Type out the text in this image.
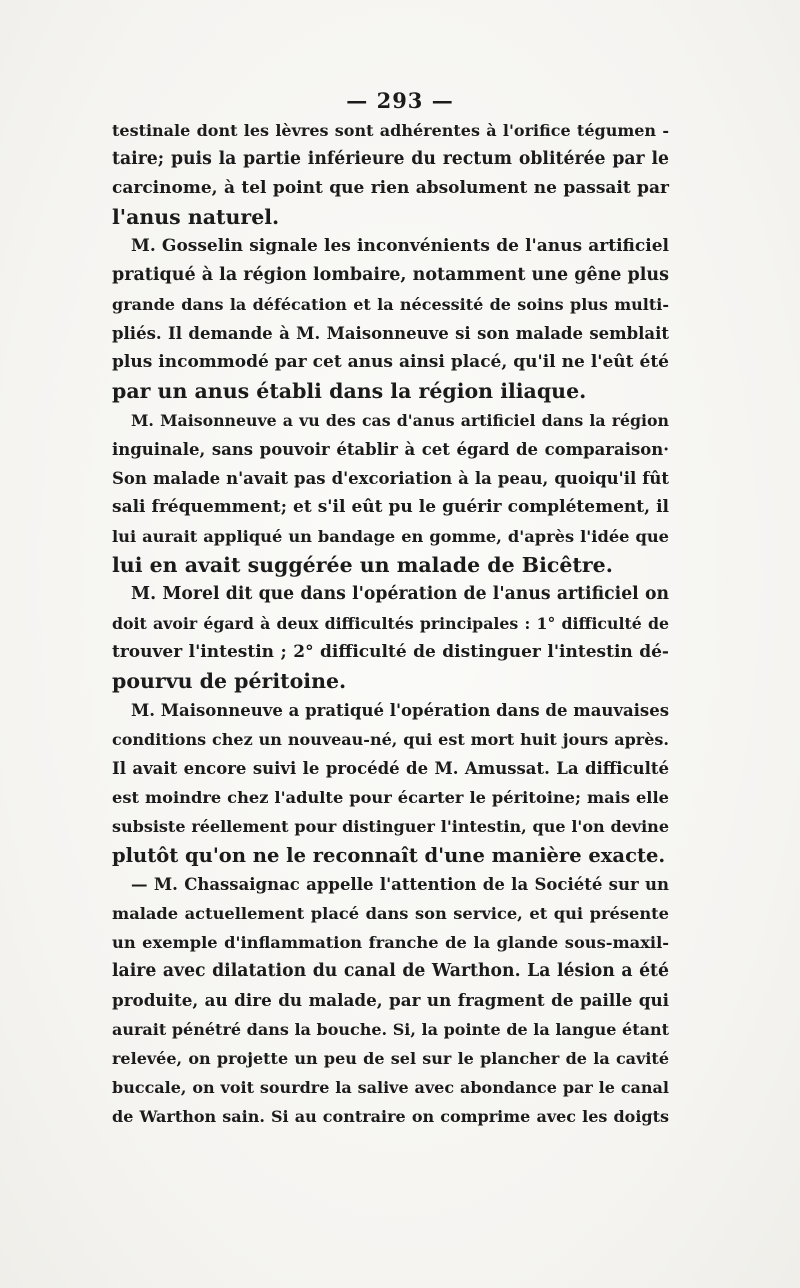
— 293 —
testinale dont les lèvres sont adhérentes à l'orifice tégumen -
taire; puis la partie inférieure du rectum oblitérée par le
carcinome, à tel point que rien absolument ne passait par
l'anus naturel.
M. Gosselin signale les inconvénients de l'anus artificiel
pratiqué à la région lombaire, notamment une gêne plus
grande dans la défécation et la nécessité de soins plus multi-
pliés. Il demande à M. Maisonneuve si son malade semblait
plus incommodé par cet anus ainsi placé, qu'il ne l'eût été
par un anus établi dans la région iliaque.
M. Maisonneuve a vu des cas d'anus artificiel dans la région
inguinale, sans pouvoir établir à cet égard de comparaison·
Son malade n'avait pas d'excoriation à la peau, quoiqu'il fût
sali fréquemment; et s'il eût pu le guérir complétement, il
lui aurait appliqué un bandage en gomme, d'après l'idée que
lui en avait suggérée un malade de Bicêtre.
M. Morel dit que dans l'opération de l'anus artificiel on
doit avoir égard à deux difficultés principales : 1° difficulté de
trouver l'intestin ; 2° difficulté de distinguer l'intestin dé-
pourvu de péritoine.
M. Maisonneuve a pratiqué l'opération dans de mauvaises
conditions chez un nouveau-né, qui est mort huit jours après.
Il avait encore suivi le procédé de M. Amussat. La difficulté
est moindre chez l'adulte pour écarter le péritoine; mais elle
subsiste réellement pour distinguer l'intestin, que l'on devine
plutôt qu'on ne le reconnaît d'une manière exacte.
— M. Chassaignac appelle l'attention de la Société sur un
malade actuellement placé dans son service, et qui présente
un exemple d'inflammation franche de la glande sous-maxil-
laire avec dilatation du canal de Warthon. La lésion a été
produite, au dire du malade, par un fragment de paille qui
aurait pénétré dans la bouche. Si, la pointe de la langue étant
relevée, on projette un peu de sel sur le plancher de la cavité
buccale, on voit sourdre la salive avec abondance par le canal
de Warthon sain. Si au contraire on comprime avec les doigts
